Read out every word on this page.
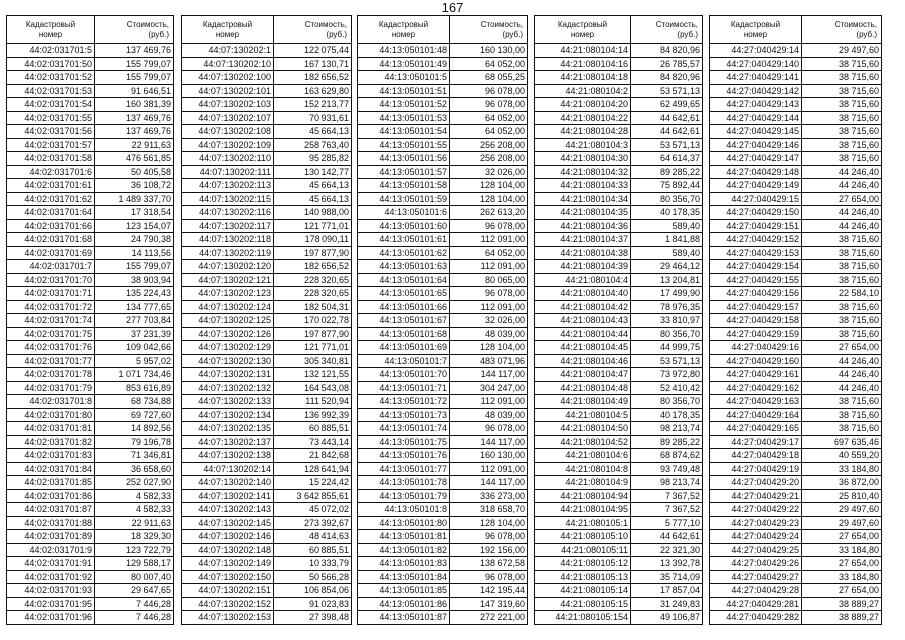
167
Кадастровый
номер	Стоимость,
(руб.)
44:02:031701:5	137 469,76
44:02:031701:50	155 799,07
44:02:031701:52	155 799,07
44:02:031701:53	91 646,51
44:02:031701:54	160 381,39
44:02:031701:55	137 469,76
44:02:031701:56	137 469,76
44:02:031701:57	22 911,63
44:02:031701:58	476 561,85
44:02:031701:6	50 405,58
44:02:031701:61	36 108,72
44:02:031701:62	1 489 337,70
44:02:031701:64	17 318,54
44:02:031701:66	123 154,07
44:02:031701:68	24 790,38
44:02:031701:69	14 113,56
44:02:031701:7	155 799,07
44:02:031701:70	38 903,94
44:02:031701:71	135 224,43
44:02:031701:72	134 777,65
44:02:031701:74	277 703,84
44:02:031701:75	37 231,39
44:02:031701:76	109 042,66
44:02:031701:77	5 957,02
44:02:031701:78	1 071 734,46
44:02:031701:79	853 616,89
44:02:031701:8	68 734,88
44:02:031701:80	69 727,60
44:02:031701:81	14 892,56
44:02:031701:82	79 196,78
44:02:031701:83	71 346,81
44:02:031701:84	36 658,60
44:02:031701:85	252 027,90
44:02:031701:86	4 582,33
44:02:031701:87	4 582,33
44:02:031701:88	22 911,63
44:02:031701:89	18 329,30
44:02:031701:9	123 722,79
44:02:031701:91	129 588,17
44:02:031701:92	80 007,40
44:02:031701:93	29 647,65
44:02:031701:95	7 446,28
44:02:031701:96	7 446,28
Кадастровый
номер	Стоимость,
(руб.)
44:07:130202:1	122 075,44
44:07:130202:10	167 130,71
44:07:130202:100	182 656,52
44:07:130202:101	163 629,80
44:07:130202:103	152 213,77
44:07:130202:107	70 931,61
44:07:130202:108	45 664,13
44:07:130202:109	258 763,40
44:07:130202:110	95 285,82
44:07:130202:111	130 142,77
44:07:130202:113	45 664,13
44:07:130202:115	45 664,13
44:07:130202:116	140 988,00
44:07:130202:117	121 771,01
44:07:130202:118	178 090,11
44:07:130202:119	197 877,90
44:07:130202:120	182 656,52
44:07:130202:121	228 320,65
44:07:130202:123	228 320,65
44:07:130202:124	182 504,31
44:07:130202:125	170 022,78
44:07:130202:126	197 877,90
44:07:130202:129	121 771,01
44:07:130202:130	305 340,81
44:07:130202:131	132 121,55
44:07:130202:132	164 543,08
44:07:130202:133	111 520,94
44:07:130202:134	136 992,39
44:07:130202:135	60 885,51
44:07:130202:137	73 443,14
44:07:130202:138	21 842,68
44:07:130202:14	128 641,94
44:07:130202:140	15 224,42
44:07:130202:141	3 642 855,61
44:07:130202:143	45 072,02
44:07:130202:145	273 392,67
44:07:130202:146	48 414,63
44:07:130202:148	60 885,51
44:07:130202:149	10 333,79
44:07:130202:150	50 566,28
44:07:130202:151	106 854,06
44:07:130202:152	91 023,83
44:07:130202:153	27 398,48
Кадастровый
номер	Стоимость,
(руб.)
44:13:050101:48	160 130,00
44:13:050101:49	64 052,00
44:13:050101:5	68 055,25
44:13:050101:51	96 078,00
44:13:050101:52	96 078,00
44:13:050101:53	64 052,00
44:13:050101:54	64 052,00
44:13:050101:55	256 208,00
44:13:050101:56	256 208,00
44:13:050101:57	32 026,00
44:13:050101:58	128 104,00
44:13:050101:59	128 104,00
44:13:050101:6	262 613,20
44:13:050101:60	96 078,00
44:13:050101:61	112 091,00
44:13:050101:62	64 052,00
44:13:050101:63	112 091,00
44:13:050101:64	80 065,00
44:13:050101:65	96 078,00
44:13:050101:66	112 091,00
44:13:050101:67	32 026,00
44:13:050101:68	48 039,00
44:13:050101:69	128 104,00
44:13:050101:7	483 071,96
44:13:050101:70	144 117,00
44:13:050101:71	304 247,00
44:13:050101:72	112 091,00
44:13:050101:73	48 039,00
44:13:050101:74	96 078,00
44:13:050101:75	144 117,00
44:13:050101:76	160 130,00
44:13:050101:77	112 091,00
44:13:050101:78	144 117,00
44:13:050101:79	336 273,00
44:13:050101:8	318 658,70
44:13:050101:80	128 104,00
44:13:050101:81	96 078,00
44:13:050101:82	192 156,00
44:13:050101:83	138 672,58
44:13:050101:84	96 078,00
44:13:050101:85	142 195,44
44:13:050101:86	147 319,60
44:13:050101:87	272 221,00
Кадастровый
номер	Стоимость,
(руб.)
44:21:080104:14	84 820,96
44:21:080104:16	26 785,57
44:21:080104:18	84 820,96
44:21:080104:2	53 571,13
44:21:080104:20	62 499,65
44:21:080104:22	44 642,61
44:21:080104:28	44 642,61
44:21:080104:3	53 571,13
44:21:080104:30	64 614,37
44:21:080104:32	89 285,22
44:21:080104:33	75 892,44
44:21:080104:34	80 356,70
44:21:080104:35	40 178,35
44:21:080104:36	589,40
44:21:080104:37	1 841,88
44:21:080104:38	589,40
44:21:080104:39	29 464,12
44:21:080104:4	13 204,81
44:21:080104:40	17 499,90
44:21:080104:42	78 976,35
44:21:080104:43	33 810,97
44:21:080104:44	80 356,70
44:21:080104:45	44 999,75
44:21:080104:46	53 571,13
44:21:080104:47	73 972,80
44:21:080104:48	52 410,42
44:21:080104:49	80 356,70
44:21:080104:5	40 178,35
44:21:080104:50	98 213,74
44:21:080104:52	89 285,22
44:21:080104:6	68 874,62
44:21:080104:8	93 749,48
44:21:080104:9	98 213,74
44:21:080104:94	7 367,52
44:21:080104:95	7 367,52
44:21:080105:1	5 777,10
44:21:080105:10	44 642,61
44:21:080105:11	22 321,30
44:21:080105:12	13 392,78
44:21:080105:13	35 714,09
44:21:080105:14	17 857,04
44:21:080105:15	31 249,83
44:21:080105:154	49 106,87
Кадастровый
номер	Стоимость,
(руб.)
44:27:040429:14	29 497,60
44:27:040429:140	38 715,60
44:27:040429:141	38 715,60
44:27:040429:142	38 715,60
44:27:040429:143	38 715,60
44:27:040429:144	38 715,60
44:27:040429:145	38 715,60
44:27:040429:146	38 715,60
44:27:040429:147	38 715,60
44:27:040429:148	44 246,40
44:27:040429:149	44 246,40
44:27:040429:15	27 654,00
44:27:040429:150	44 246,40
44:27:040429:151	44 246,40
44:27:040429:152	38 715,60
44:27:040429:153	38 715,60
44:27:040429:154	38 715,60
44:27:040429:155	38 715,60
44:27:040429:156	22 584,10
44:27:040429:157	38 715,60
44:27:040429:158	38 715,60
44:27:040429:159	38 715,60
44:27:040429:16	27 654,00
44:27:040429:160	44 246,40
44:27:040429:161	44 246,40
44:27:040429:162	44 246,40
44:27:040429:163	38 715,60
44:27:040429:164	38 715,60
44:27:040429:165	38 715,60
44:27:040429:17	697 635,46
44:27:040429:18	40 559,20
44:27:040429:19	33 184,80
44:27:040429:20	36 872,00
44:27:040429:21	25 810,40
44:27:040429:22	29 497,60
44:27:040429:23	29 497,60
44:27:040429:24	27 654,00
44:27:040429:25	33 184,80
44:27:040429:26	27 654,00
44:27:040429:27	33 184,80
44:27:040429:28	27 654,00
44:27:040429:281	38 889,27
44:27:040429:282	38 889,27
